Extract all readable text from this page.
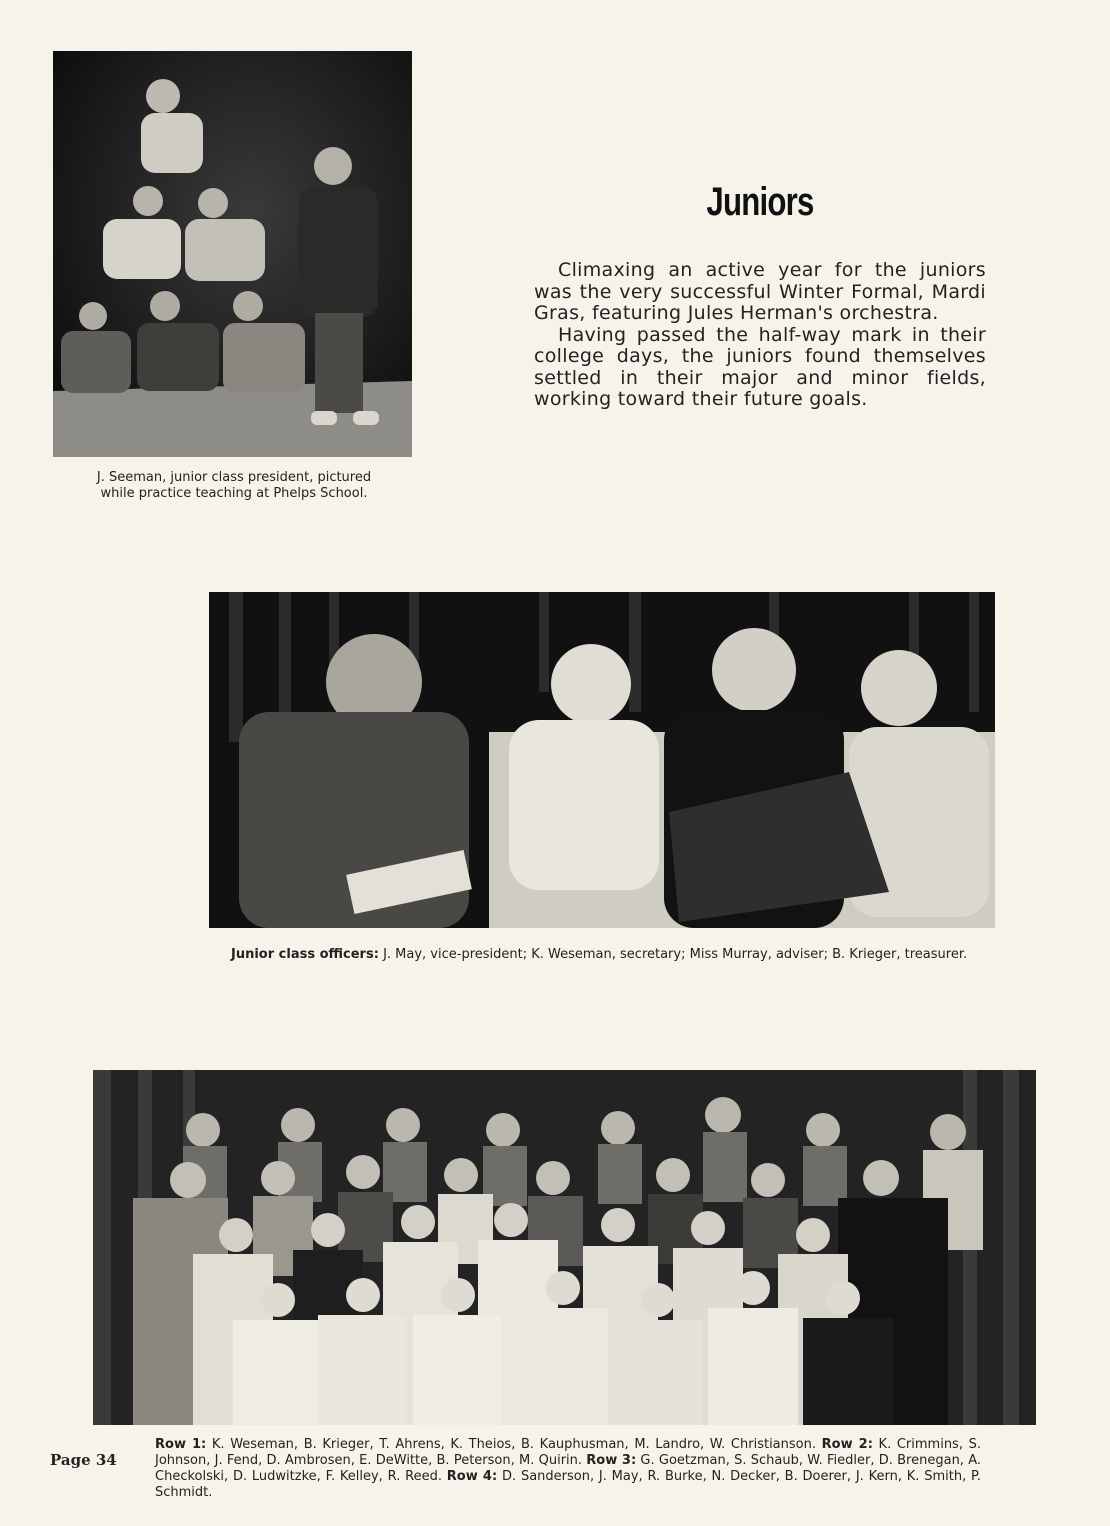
J. Seeman, junior class president, pictured while practice teaching at Phelps School.
Juniors

Climaxing an active year for the juniors was the very successful Winter Formal, Mardi Gras, featuring Jules Herman's orchestra.

Having passed the half-way mark in their college days, the juniors found themselves settled in their major and minor fields, working toward their future goals.

Junior class officers: J. May, vice-president; K. Weseman, secretary; Miss Murray, adviser; B. Krieger, treasurer.
Row 1: K. Weseman, B. Krieger, T. Ahrens, K. Theios, B. Kauphusman, M. Landro, W. Christianson. Row 2: K. Crimmins, S. Johnson, J. Fend, D. Ambrosen, E. DeWitte, B. Peterson, M. Quirin. Row 3: G. Goetzman, S. Schaub, W. Fiedler, D. Brenegan, A. Checkolski, D. Ludwitzke, F. Kelley, R. Reed. Row 4: D. Sanderson, J. May, R. Burke, N. Decker, B. Doerer, J. Kern, K. Smith, P. Schmidt.
Page 34
